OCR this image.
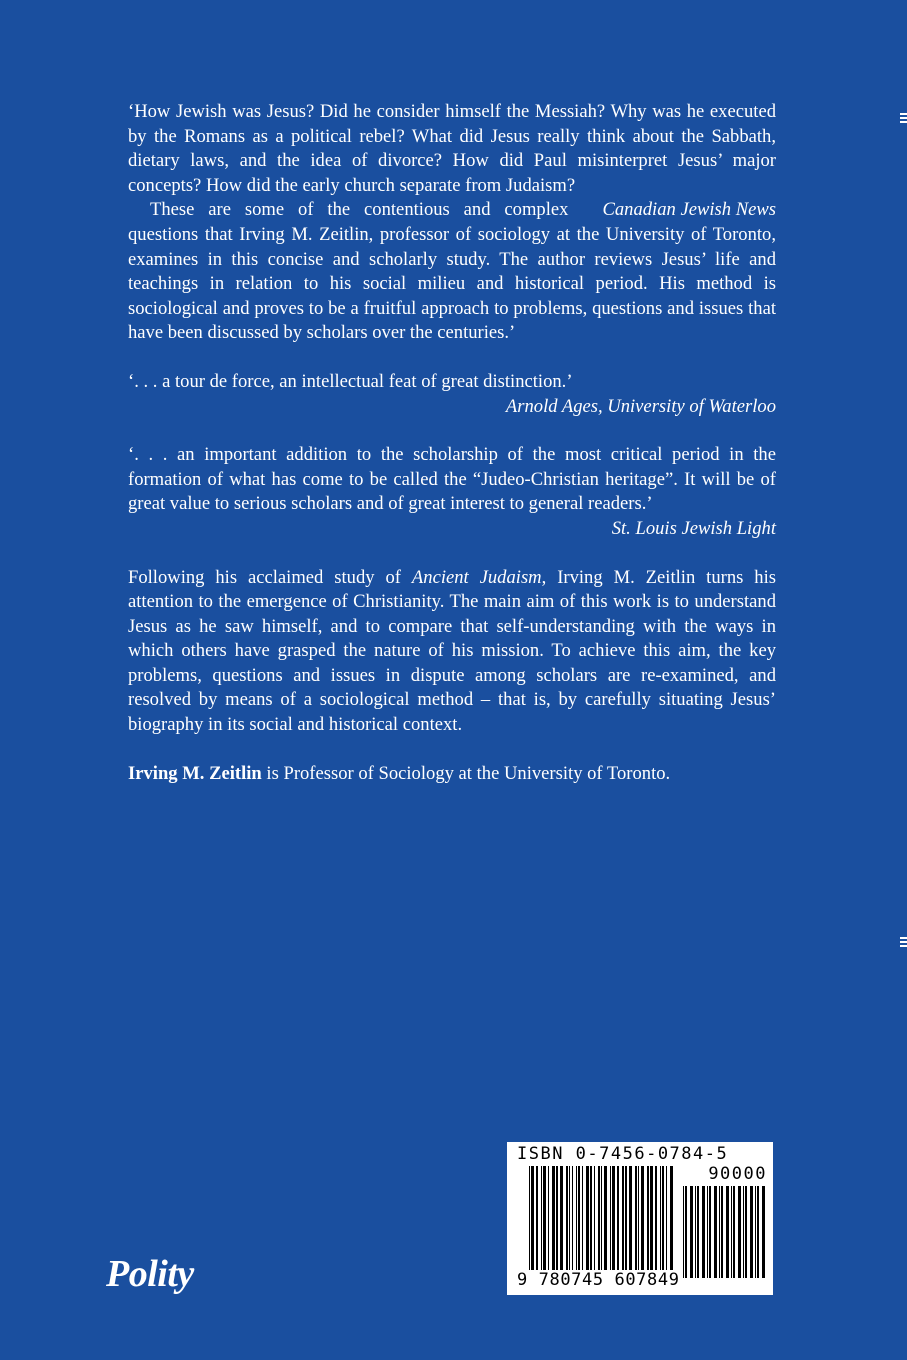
‘How Jewish was Jesus? Did he consider himself the Messiah? Why was he executed by the Romans as a political rebel? What did Jesus really think about the Sabbath, dietary laws, and the idea of divorce? How did Paul misinterpret Jesus’ major concepts? How did the early church separate from Judaism?

Canadian Jewish News
These are some of the contentious and complex questions that Irving M. Zeitlin, professor of sociology at the University of Toronto, examines in this concise and scholarly study. The author reviews Jesus’ life and teachings in relation to his social milieu and historical period. His method is sociological and proves to be a fruitful approach to problems, questions and issues that have been discussed by scholars over the centuries.’

‘. . . a tour de force, an intellectual feat of great distinction.’

Arnold Ages, University of Waterloo

‘. . . an important addition to the scholarship of the most critical period in the formation of what has come to be called the “Judeo-Christian heritage”. It will be of great value to serious scholars and of great interest to general readers.’

St. Louis Jewish Light

Following his acclaimed study of Ancient Judaism, Irving M. Zeitlin turns his attention to the emergence of Christianity. The main aim of this work is to understand Jesus as he saw himself, and to compare that self-understanding with the ways in which others have grasped the nature of his mission. To achieve this aim, the key problems, questions and issues in dispute among scholars are re-examined, and resolved by means of a sociological method – that is, by carefully situating Jesus’ biography in its social and historical context.

Irving M. Zeitlin is Professor of Sociology at the University of Toronto.

Polity
ISBN 0-7456-0784-5
90000
9 780745 607849
